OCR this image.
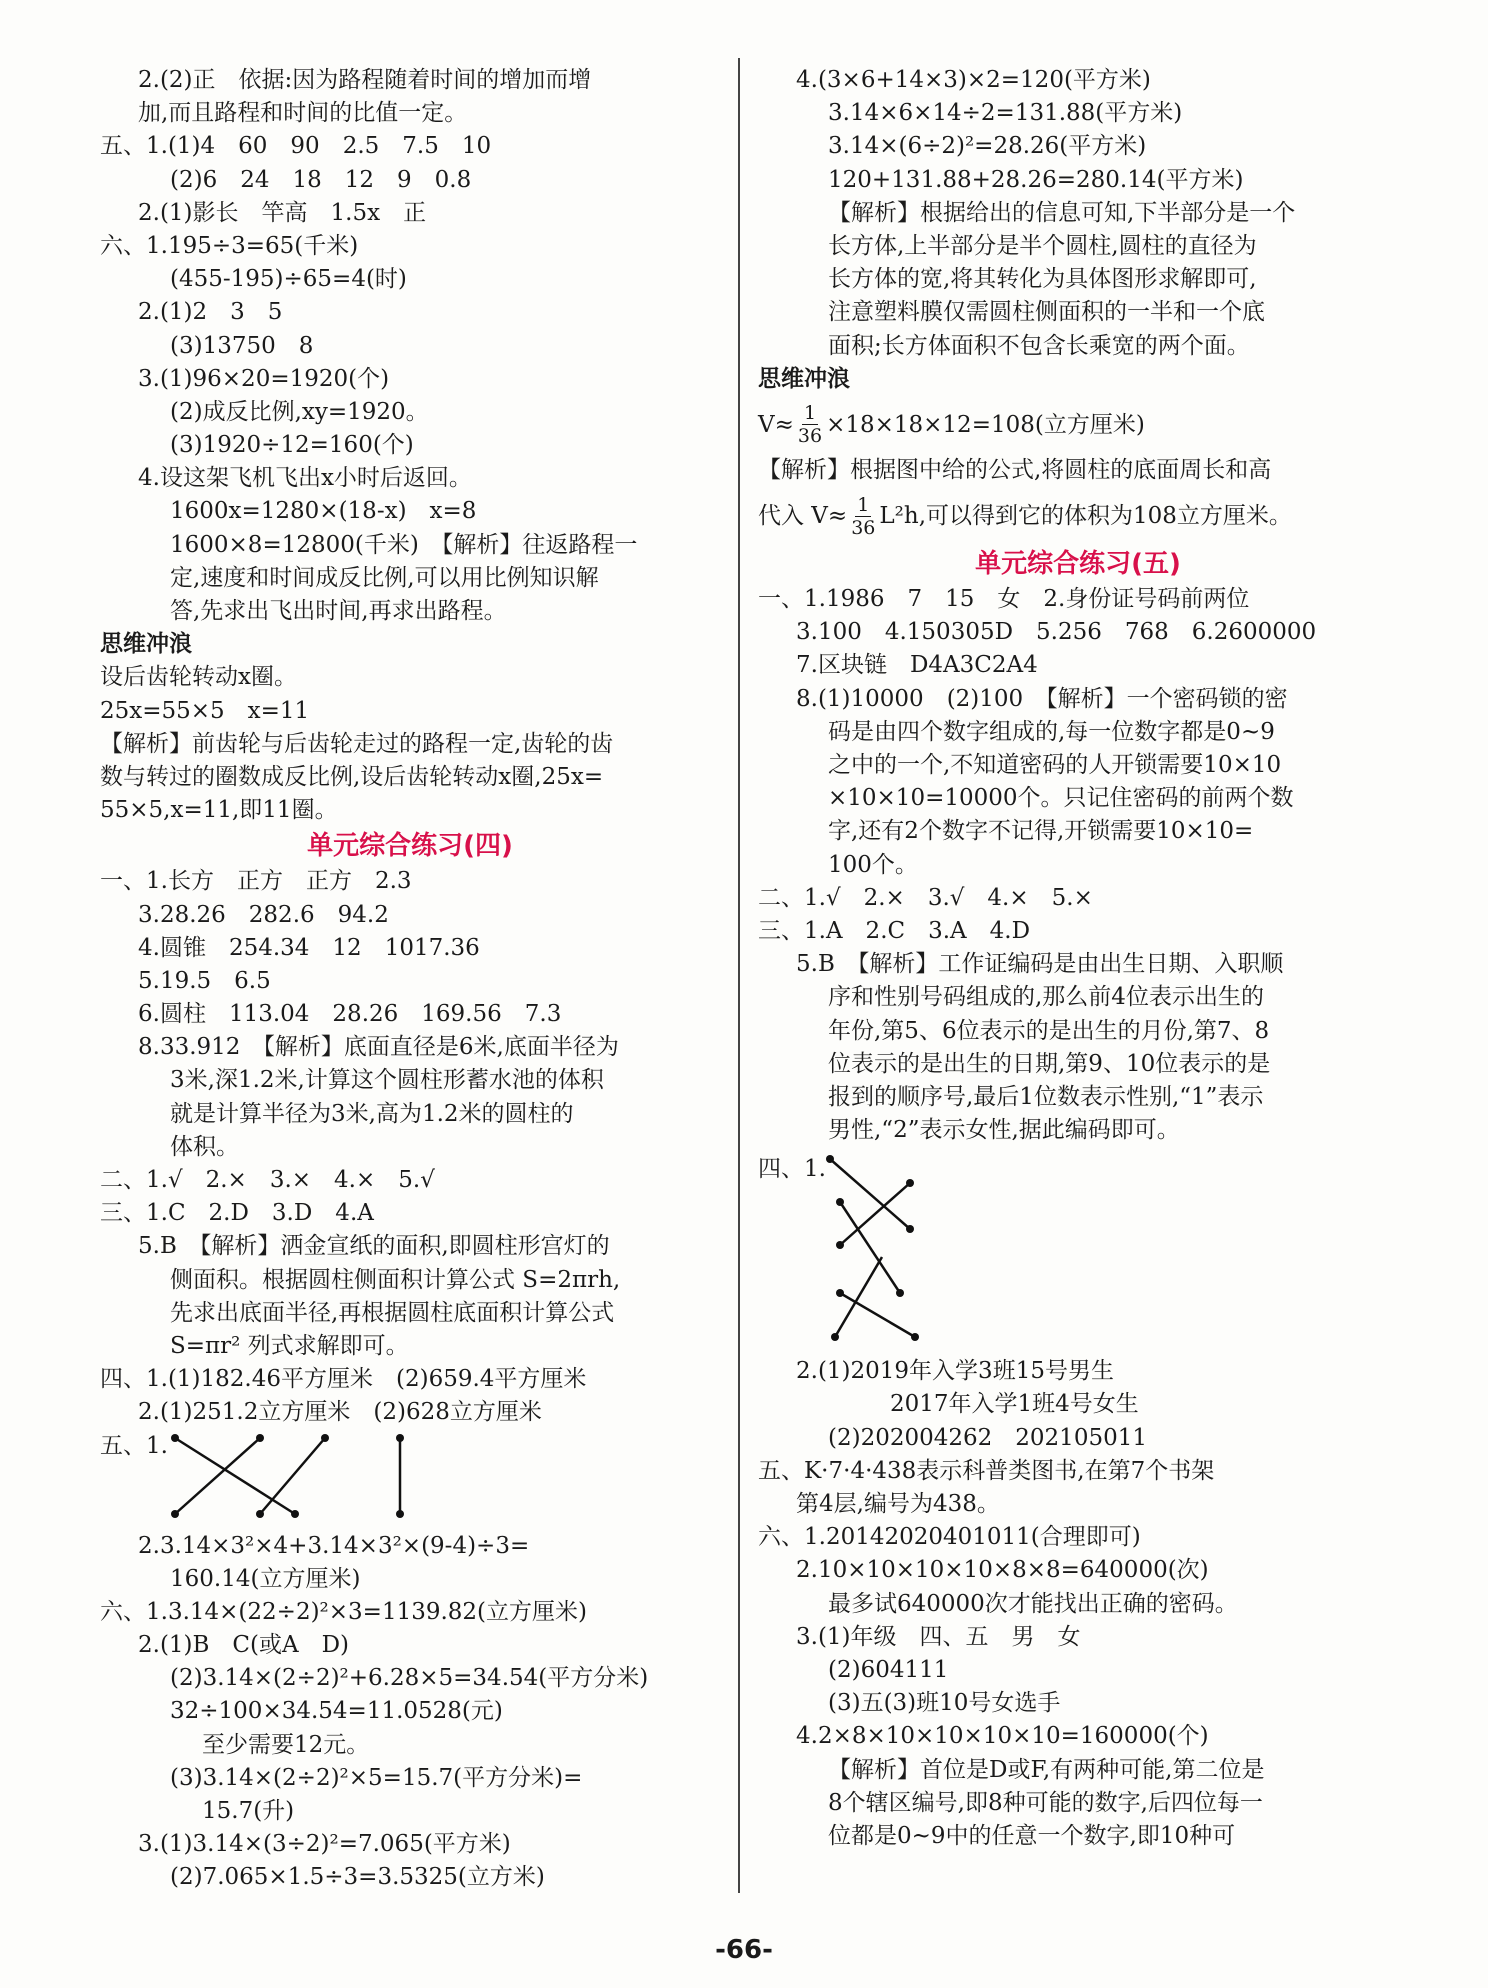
2.(2)正　依据:因为路程随着时间的增加而增
加,而且路程和时间的比值一定。
五、1.(1)4　60　90　2.5　7.5　10
(2)6　24　18　12　9　0.8
2.(1)影长　竿高　1.5x　正
六、1.195÷3=65(千米)
(455-195)÷65=4(时)
2.(1)2　3　5
(3)13750　8
3.(1)96×20=1920(个)
(2)成反比例,xy=1920。
(3)1920÷12=160(个)
4.设这架飞机飞出x小时后返回。
1600x=1280×(18-x)　x=8
1600×8=12800(千米)　【解析】往返路程一
定,速度和时间成反比例,可以用比例知识解
答,先求出飞出时间,再求出路程。
思维冲浪
设后齿轮转动x圈。
25x=55×5　x=11
【解析】前齿轮与后齿轮走过的路程一定,齿轮的齿
数与转过的圈数成反比例,设后齿轮转动x圈,25x=
55×5,x=11,即11圈。
单元综合练习(四)
一、1.长方　正方　正方　2.3
3.28.26　282.6　94.2
4.圆锥　254.34　12　1017.36
5.19.5　6.5
6.圆柱　113.04　28.26　169.56　7.3
8.33.912　【解析】底面直径是6米,底面半径为
3米,深1.2米,计算这个圆柱形蓄水池的体积
就是计算半径为3米,高为1.2米的圆柱的
体积。
二、1.√　2.×　3.×　4.×　5.√
三、1.C　2.D　3.D　4.A
5.B　【解析】洒金宣纸的面积,即圆柱形宫灯的
侧面积。根据圆柱侧面积计算公式 S=2πrh,
先求出底面半径,再根据圆柱底面积计算公式
S=πr² 列式求解即可。
四、1.(1)182.46平方厘米　(2)659.4平方厘米
2.(1)251.2立方厘米　(2)628立方厘米
五、1.
2.3.14×3²×4+3.14×3²×(9-4)÷3=
160.14(立方厘米)
六、1.3.14×(22÷2)²×3=1139.82(立方厘米)
2.(1)B　C(或A　D)
(2)3.14×(2÷2)²+6.28×5=34.54(平方分米)
32÷100×34.54=11.0528(元)
至少需要12元。
(3)3.14×(2÷2)²×5=15.7(平方分米)=
15.7(升)
3.(1)3.14×(3÷2)²=7.065(平方米)
(2)7.065×1.5÷3=3.5325(立方米)
4.(3×6+14×3)×2=120(平方米)
3.14×6×14÷2=131.88(平方米)
3.14×(6÷2)²=28.26(平方米)
120+131.88+28.26=280.14(平方米)
【解析】根据给出的信息可知,下半部分是一个
长方体,上半部分是半个圆柱,圆柱的直径为
长方体的宽,将其转化为具体图形求解即可,
注意塑料膜仅需圆柱侧面积的一半和一个底
面积;长方体面积不包含长乘宽的两个面。
思维冲浪
$V\approx \frac{1}{36} \times 18\times 18\times 12=108$(立方厘米)
【解析】根据图中给的公式,将圆柱的底面周长和高
代入 $V\approx \frac{1}{36} L^2h$,可以得到它的体积为108立方厘米。
单元综合练习(五)
一、1.1986　7　15　女　2.身份证号码前两位
3.100　4.150305D　5.256　768　6.2600000
7.区块链　D4A3C2A4
8.(1)10000　(2)100　【解析】一个密码锁的密
码是由四个数字组成的,每一位数字都是0~9
之中的一个,不知道密码的人开锁需要10×10
×10×10=10000个。只记住密码的前两个数
字,还有2个数字不记得,开锁需要10×10=
100个。
二、1.√　2.×　3.√　4.×　5.×
三、1.A　2.C　3.A　4.D
5.B　【解析】工作证编码是由出生日期、入职顺
序和性别号码组成的,那么前4位表示出生的
年份,第5、6位表示的是出生的月份,第7、8
位表示的是出生的日期,第9、10位表示的是
报到的顺序号,最后1位数表示性别,“1”表示
男性,“2”表示女性,据此编码即可。
四、1.
2.(1)2019年入学3班15号男生
2017年入学1班4号女生
(2)202004262　202105011
五、K·7·4·438表示科普类图书,在第7个书架
第4层,编号为438。
六、1.20142020401011(合理即可)
2.10×10×10×10×8×8=640000(次)
最多试640000次才能找出正确的密码。
3.(1)年级　四、五　男　女
(2)604111
(3)五(3)班10号女选手
4.2×8×10×10×10×10=160000(个)
【解析】首位是D或F,有两种可能,第二位是
8个辖区编号,即8种可能的数字,后四位每一
位都是0~9中的任意一个数字,即10种可
-66-
